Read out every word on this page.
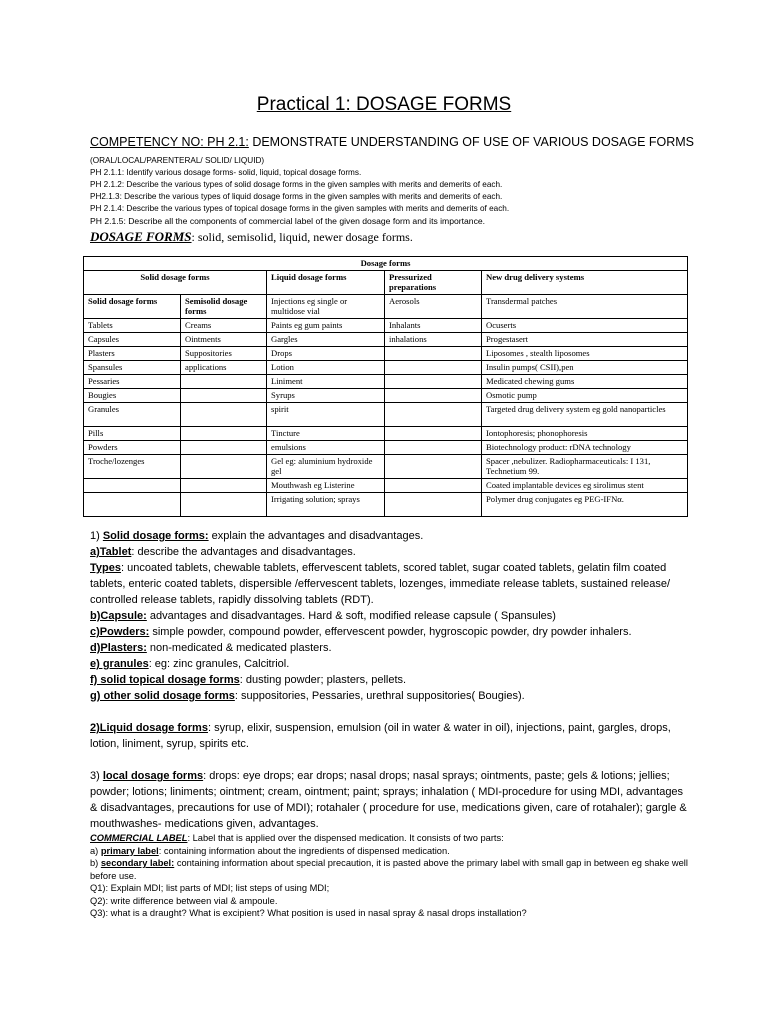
Practical 1: DOSAGE FORMS
COMPETENCY NO: PH 2.1: DEMONSTRATE UNDERSTANDING OF USE OF VARIOUS DOSAGE FORMS
(ORAL/LOCAL/PARENTERAL/ SOLID/ LIQUID)
PH 2.1.1: Identify various dosage forms- solid, liquid, topical dosage forms.
PH 2.1.2: Describe the various types of solid dosage forms in the given samples with merits and demerits of each.
PH2.1.3: Describe the various types of liquid dosage forms in the given samples with merits and demerits of each.
PH 2.1.4: Describe the various types of topical dosage forms in the given samples with merits and demerits of each.
PH 2.1.5: Describe all the components of commercial label of the given dosage form and its importance.
DOSAGE FORMS: solid, semisolid, liquid, newer dosage forms.
Dosage forms				
Solid dosage forms		Liquid dosage forms	Pressurized preparations	New drug delivery systems
Solid dosage forms	Semisolid dosage forms	Injections eg single or multidose vial	Aerosols	Transdermal patches
Tablets	Creams	Paints eg gum paints	Inhalants	Ocuserts
Capsules	Ointments	Gargles	inhalations	Progestasert
Plasters	Suppositories	Drops		Liposomes , stealth liposomes
Spansules	applications	Lotion		Insulin pumps( CSII),pen
Pessaries		Liniment		Medicated chewing gums
Bougies		Syrups		Osmotic pump
Granules		spirit		Targeted drug delivery system eg gold nanoparticles
Pills		Tincture		Iontophoresis; phonophoresis
Powders		emulsions		Biotechnology product: rDNA technology
Troche/lozenges		Gel eg: aluminium hydroxide gel		Spacer ,nebulizer. Radiopharmaceuticals: I 131, Technetium 99.
		Mouthwash eg Listerine		Coated implantable devices eg sirolimus stent
		Irrigating solution; sprays		Polymer drug conjugates eg PEG-IFNα.

1) Solid dosage forms: explain the advantages and disadvantages.

a)Tablet: describe the advantages and disadvantages.

Types: uncoated tablets, chewable tablets, effervescent tablets, scored tablet, sugar coated tablets, gelatin film coated tablets, enteric coated tablets, dispersible /effervescent tablets, lozenges, immediate release tablets, sustained release/ controlled release tablets, rapidly dissolving tablets (RDT).

b)Capsule: advantages and disadvantages. Hard & soft, modified release capsule ( Spansules)

c)Powders: simple powder, compound powder, effervescent powder, hygroscopic powder, dry powder inhalers.

d)Plasters: non-medicated & medicated plasters.

e) granules: eg: zinc granules, Calcitriol.

f) solid topical dosage forms: dusting powder; plasters, pellets.

g) other solid dosage forms: suppositories, Pessaries, urethral suppositories( Bougies).

2)Liquid dosage forms: syrup, elixir, suspension, emulsion (oil in water & water in oil), injections, paint, gargles, drops, lotion, liniment, syrup, spirits etc.

3) local dosage forms: drops: eye drops; ear drops; nasal drops; nasal sprays; ointments, paste; gels & lotions; jellies; powder; lotions; liniments; ointment; cream, ointment; paint; sprays; inhalation ( MDI-procedure for using MDI, advantages & disadvantages, precautions for use of MDI); rotahaler ( procedure for use, medications given, care of rotahaler); gargle & mouthwashes- medications given, advantages.

COMMERCIAL LABEL: Label that is applied over the dispensed medication. It consists of two parts:

a) primary label: containing information about the ingredients of dispensed medication.

b) secondary label: containing information about special precaution, it is pasted above the primary label with small gap in between eg shake well before use.

Q1): Explain MDI; list parts of MDI; list steps of using MDI;

Q2): write difference between vial & ampoule.

Q3): what is a draught? What is excipient? What position is used in nasal spray & nasal drops installation?
